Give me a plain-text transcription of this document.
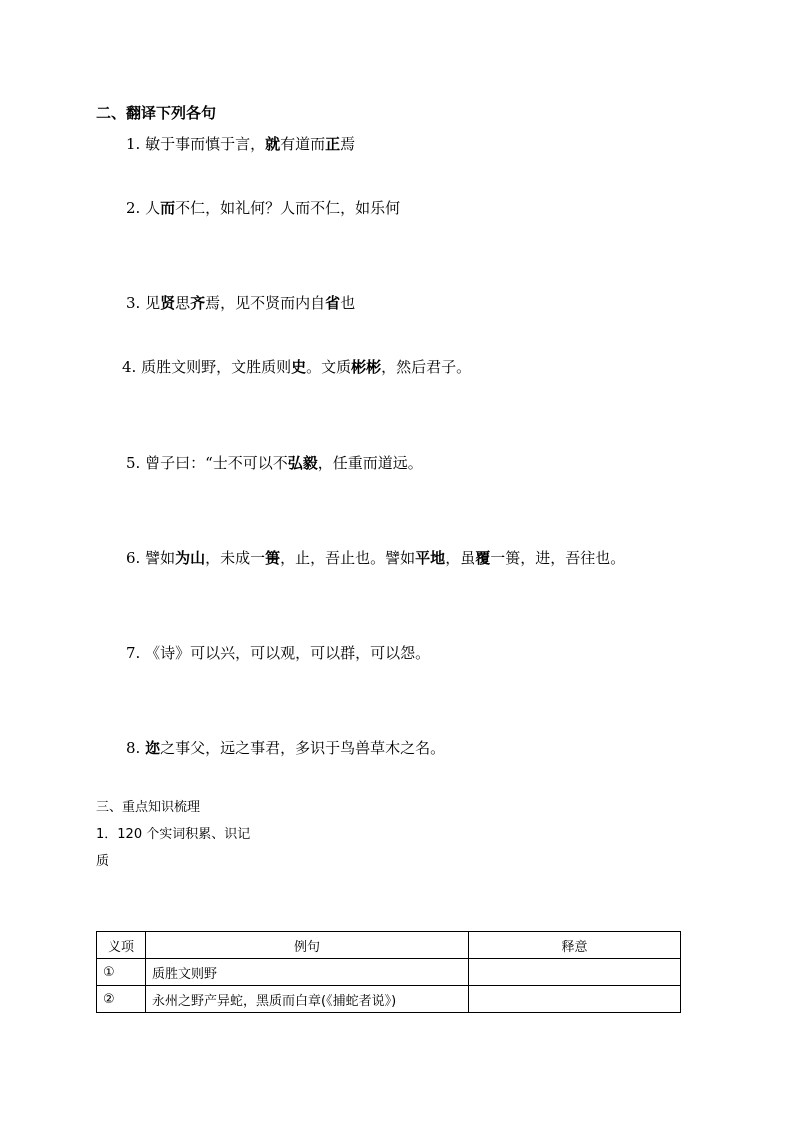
二、翻译下列各句
1. 敏于事而慎于言，就有道而正焉
2. 人而不仁，如礼何？人而不仁，如乐何
3. 见贤思齐焉，见不贤而内自省也
4. 质胜文则野，文胜质则史。文质彬彬，然后君子。
5. 曾子曰：“士不可以不弘毅，任重而道远。
6. 譬如为山，未成一篑，止，吾止也。譬如平地，虽覆一篑，进，吾往也。
7. 《诗》可以兴，可以观，可以群，可以怨。
8. 迩之事父，远之事君，多识于鸟兽草木之名。
三、重点知识梳理
1．120 个实词积累、识记
质
义项	例句	释意
①	质胜文则野	
②	永州之野产异蛇，黑质而白章(《捕蛇者说》)	
